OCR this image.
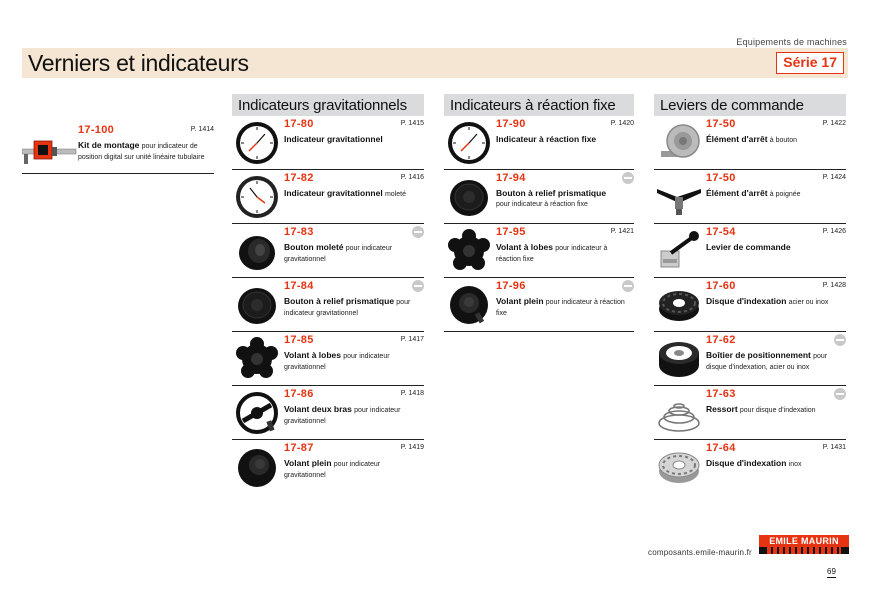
Equipements de machines
Verniers et indicateurs	Série 17
17-100	P. 1414
Kit de montage pour indicateur de position digital sur unité linéaire tubulaire
Indicateurs gravitationnels
17-80	P. 1415
Indicateur gravitationnel
17-82	P. 1416
Indicateur gravitationnel moleté
17-83
Bouton moleté pour indicateur gravitationnel
17-84
Bouton à relief prismatique pour indicateur gravitationnel
17-85	P. 1417
Volant à lobes pour indicateur gravitationnel
17-86	P. 1418
Volant deux bras pour indicateur gravitationnel
17-87	P. 1419
Volant plein pour indicateur gravitationnel
Indicateurs à réaction fixe
17-90	P. 1420
Indicateur à réaction fixe
17-94
Bouton à relief prismatique
pour indicateur à réaction fixe
17-95	P. 1421
Volant à lobes pour indicateur à réaction fixe
17-96
Volant plein pour indicateur à réaction fixe
Leviers de commande
17-50	P. 1422
Élément d'arrêt à bouton
17-50	P. 1424
Élément d'arrêt à poignée
17-54	P. 1426
Levier de commande
17-60	P. 1428
Disque d'indexation acier ou inox
17-62
Boîtier de positionnement pour disque d'indexation, acier ou inox
17-63
Ressort pour disque d'indexation
17-64	P. 1431
Disque d'indexation inox
composants.emile-maurin.fr
EMILE MAURIN
69
